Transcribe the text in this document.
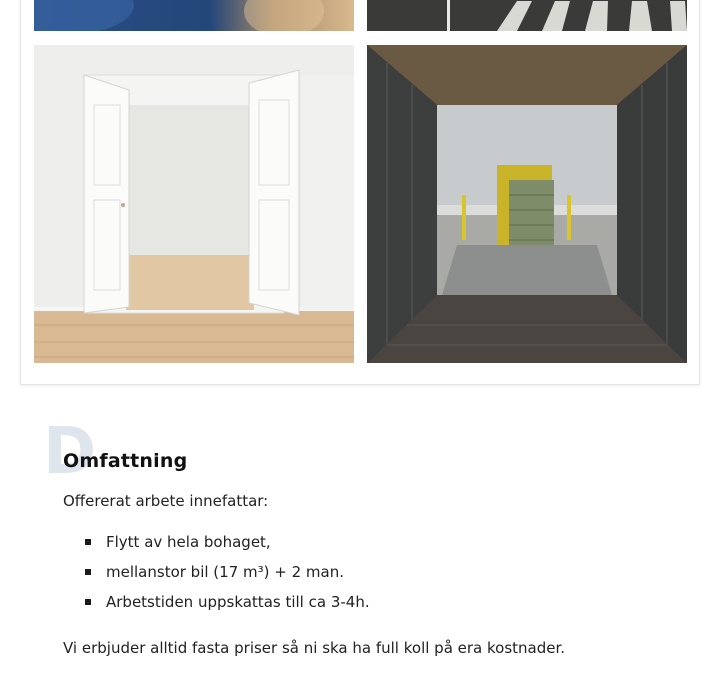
D
Omfattning

Offererat arbete innefattar:

Flytt av hela bohaget,
mellanstor bil (17 m³) + 2 man.
Arbetstiden uppskattas till ca 3-4h.

Vi erbjuder alltid fasta priser så ni ska ha full koll på era kostnader.
